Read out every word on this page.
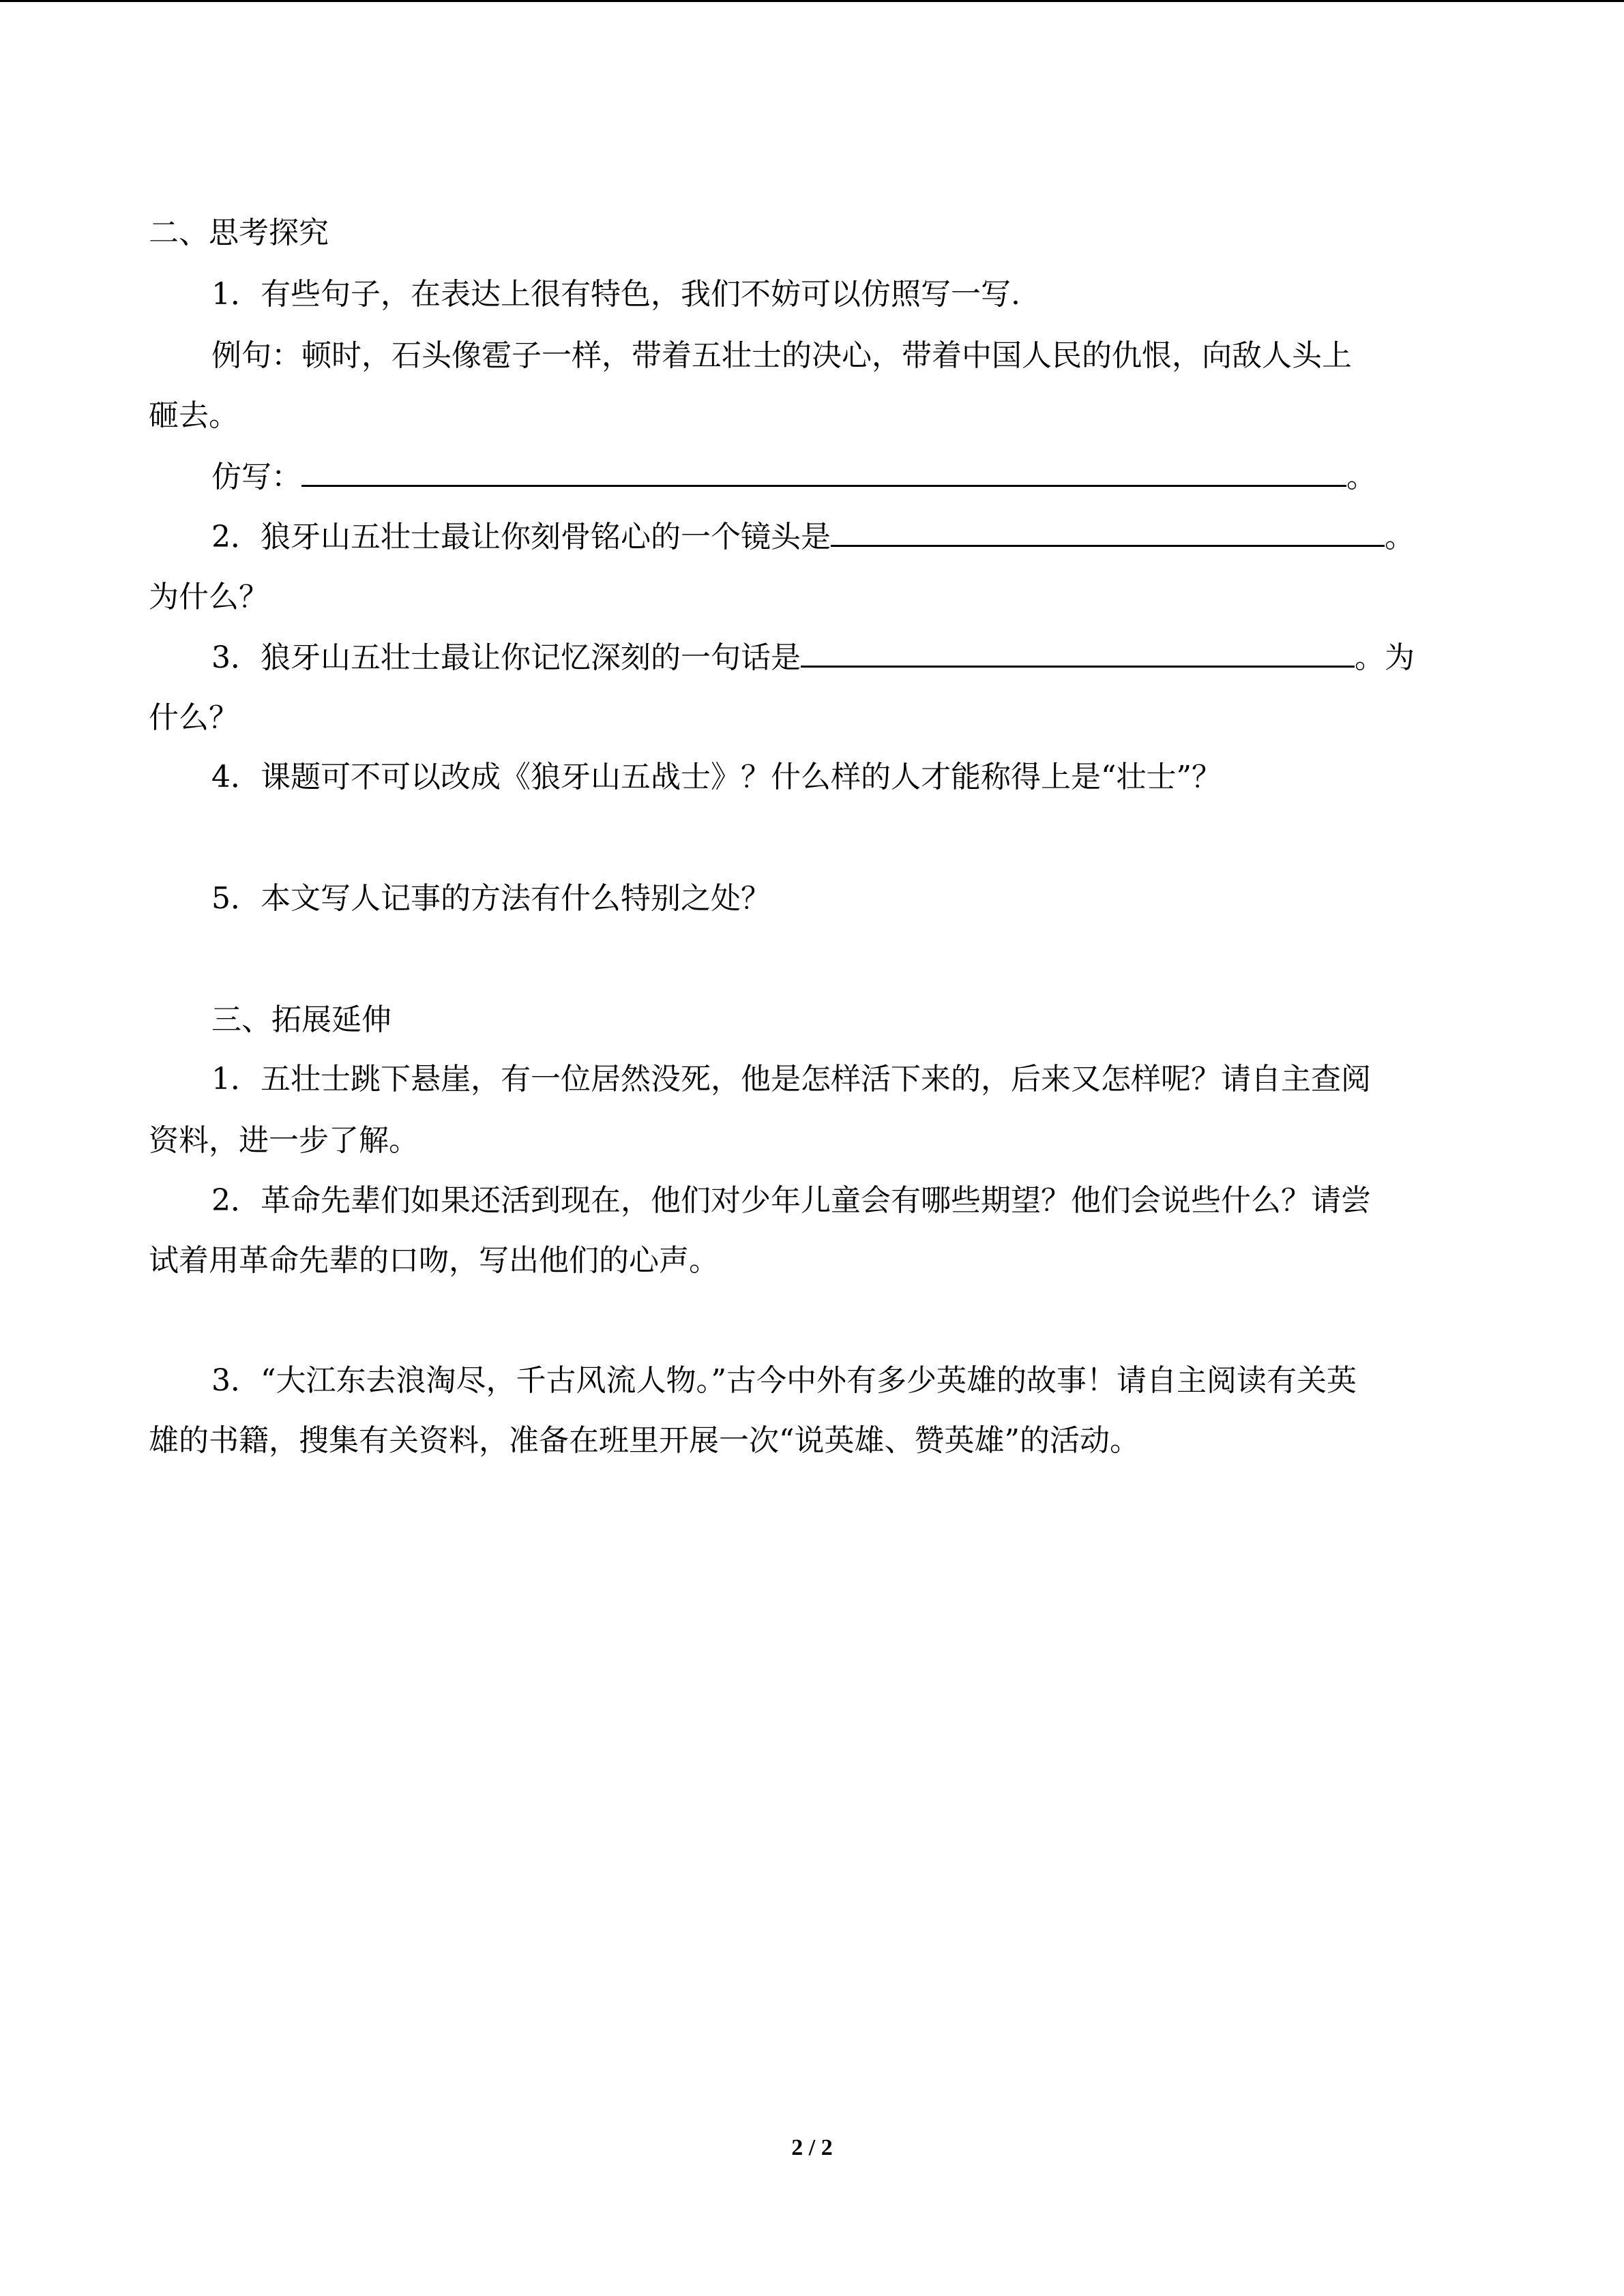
二、思考探究
1．有些句子，在表达上很有特色，我们不妨可以仿照写一写.
例句：顿时，石头像雹子一样，带着五壮士的决心，带着中国人民的仇恨，向敌人头上
砸去。
仿写：	。
2．狼牙山五壮士最让你刻骨铭心的一个镜头是	。
为什么？
3．狼牙山五壮士最让你记忆深刻的一句话是	。为
什么？
4．课题可不可以改成《狼牙山五战士》？什么样的人才能称得上是“壮士”？
5．本文写人记事的方法有什么特别之处？
三、拓展延伸
1．五壮士跳下悬崖，有一位居然没死，他是怎样活下来的，后来又怎样呢？请自主查阅
资料，进一步了解。
2．革命先辈们如果还活到现在，他们对少年儿童会有哪些期望？他们会说些什么？请尝
试着用革命先辈的口吻，写出他们的心声。
3．“大江东去浪淘尽，千古风流人物。”古今中外有多少英雄的故事！请自主阅读有关英
雄的书籍，搜集有关资料，准备在班里开展一次“说英雄、赞英雄”的活动。
2 / 2
